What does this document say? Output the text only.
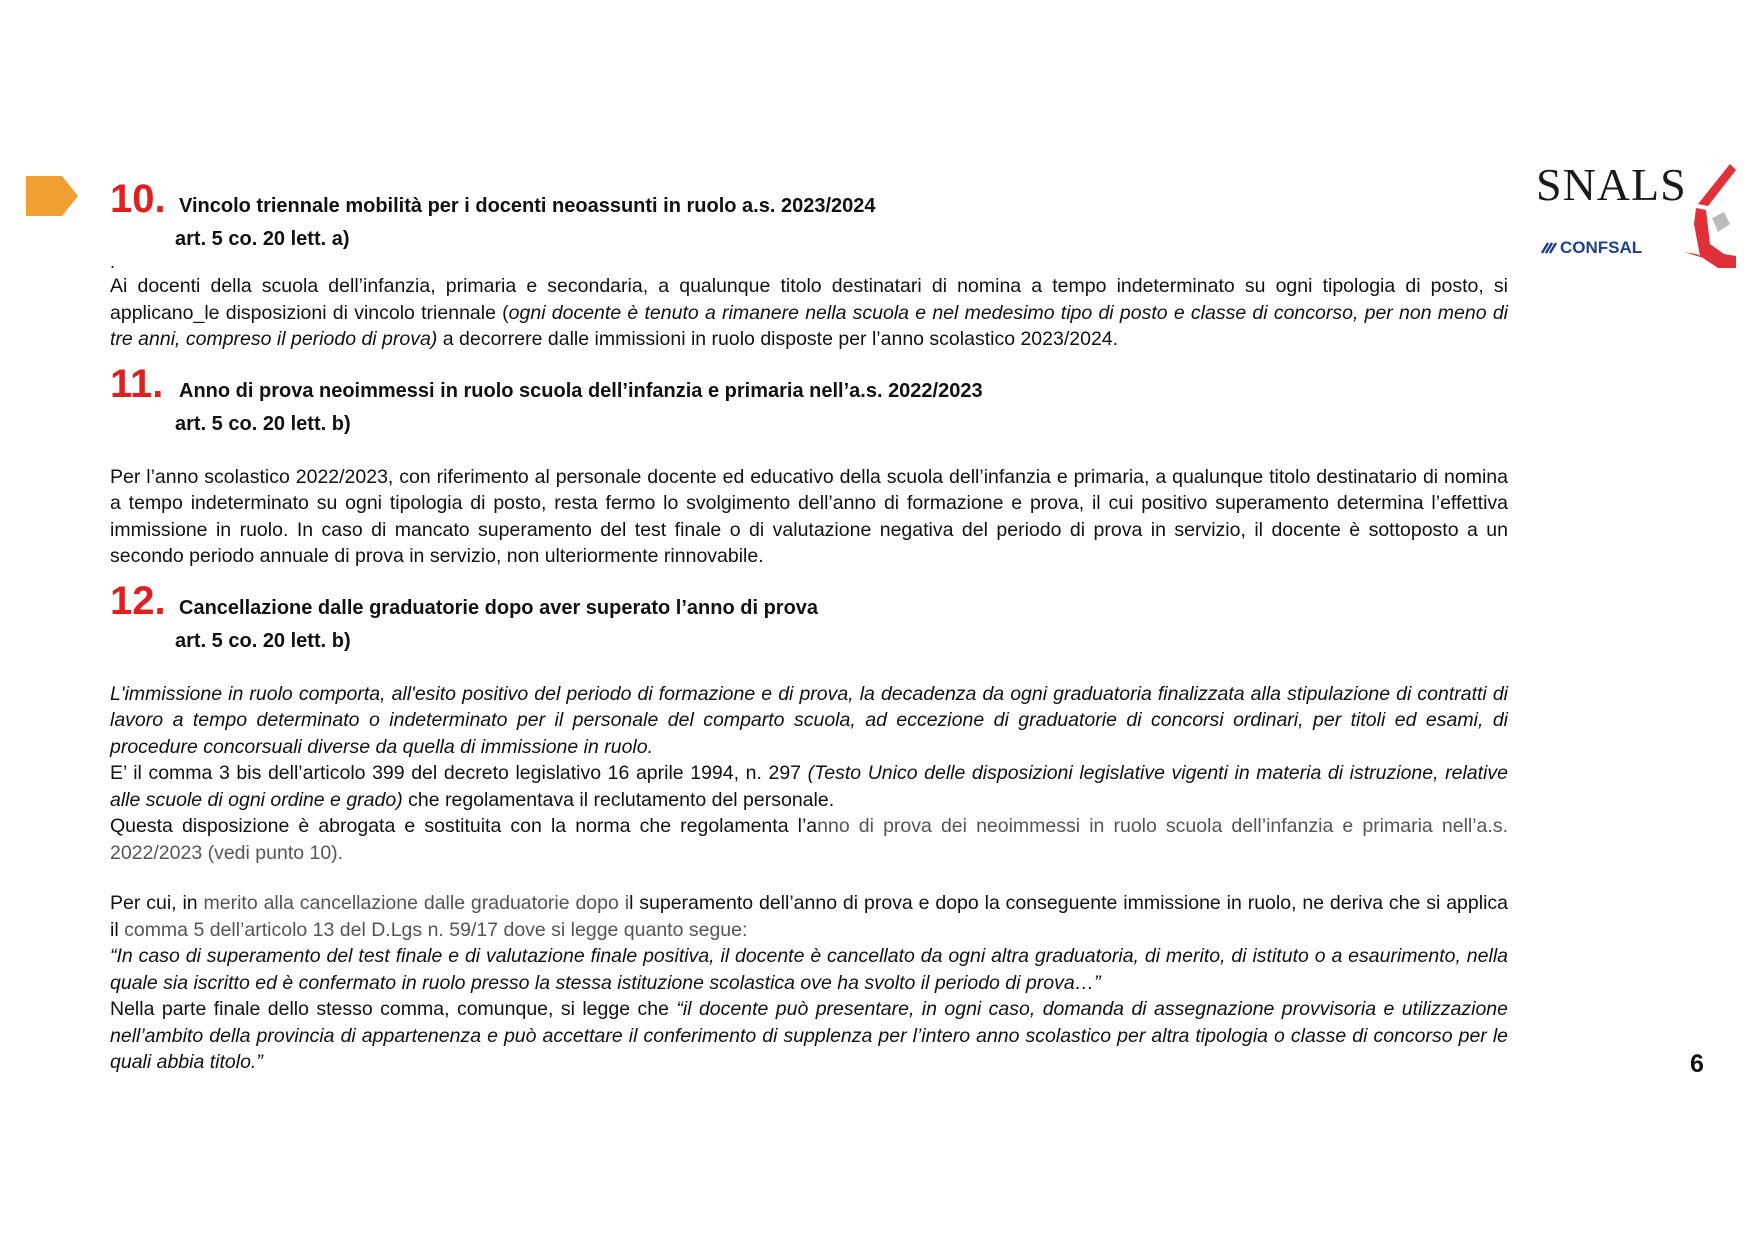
SNALS
CONFSAL
6
10. Vincolo triennale mobilità per i docenti neoassunti in ruolo a.s. 2023/2024
art. 5 co. 20 lett. a)
.
Ai docenti della scuola dell’infanzia, primaria e secondaria, a qualunque titolo destinatari di nomina a tempo indeterminato su ogni tipologia di posto, si applicano_le disposizioni di vincolo triennale (ogni docente è tenuto a rimanere nella scuola e nel medesimo tipo di posto e classe di concorso, per non meno di tre anni, compreso il periodo di prova) a decorrere dalle immissioni in ruolo disposte per l’anno scolastico 2023/2024.
11. Anno di prova neoimmessi in ruolo scuola dell’infanzia e primaria nell’a.s. 2022/2023
art. 5 co. 20 lett. b)
Per l’anno scolastico 2022/2023, con riferimento al personale docente ed educativo della scuola dell’infanzia e primaria, a qualunque titolo destinatario di nomina a tempo indeterminato su ogni tipologia di posto, resta fermo lo svolgimento dell’anno di formazione e prova, il cui positivo superamento determina l’effettiva immissione in ruolo. In caso di mancato superamento del test finale o di valutazione negativa del periodo di prova in servizio, il docente è sottoposto a un secondo periodo annuale di prova in servizio, non ulteriormente rinnovabile.
12. Cancellazione dalle graduatorie dopo aver superato l’anno di prova
art. 5 co. 20 lett. b)
L'immissione in ruolo comporta, all'esito positivo del periodo di formazione e di prova, la decadenza da ogni graduatoria finalizzata alla stipulazione di contratti di lavoro a tempo determinato o indeterminato per il personale del comparto scuola, ad eccezione di graduatorie di concorsi ordinari, per titoli ed esami, di procedure concorsuali diverse da quella di immissione in ruolo.
E’ il comma 3 bis dell’articolo 399 del decreto legislativo 16 aprile 1994, n. 297 (Testo Unico delle disposizioni legislative vigenti in materia di istruzione, relative alle scuole di ogni ordine e grado) che regolamentava il reclutamento del personale.
Questa disposizione è abrogata e sostituita con la norma che regolamenta l’anno di prova dei neoimmessi in ruolo scuola dell’infanzia e primaria nell’a.s. 2022/2023 (vedi punto 10).
Per cui, in merito alla cancellazione dalle graduatorie dopo il superamento dell’anno di prova e dopo la conseguente immissione in ruolo, ne deriva che si applica il comma 5 dell’articolo 13 del D.Lgs n. 59/17 dove si legge quanto segue:
“In caso di superamento del test finale e di valutazione finale positiva, il docente è cancellato da ogni altra graduatoria, di merito, di istituto o a esaurimento, nella quale sia iscritto ed è confermato in ruolo presso la stessa istituzione scolastica ove ha svolto il periodo di prova…”
Nella parte finale dello stesso comma, comunque, si legge che “il docente può presentare, in ogni caso, domanda di assegnazione provvisoria e utilizzazione nell’ambito della provincia di appartenenza e può accettare il conferimento di supplenza per l’intero anno scolastico per altra tipologia o classe di concorso per le quali abbia titolo.”
